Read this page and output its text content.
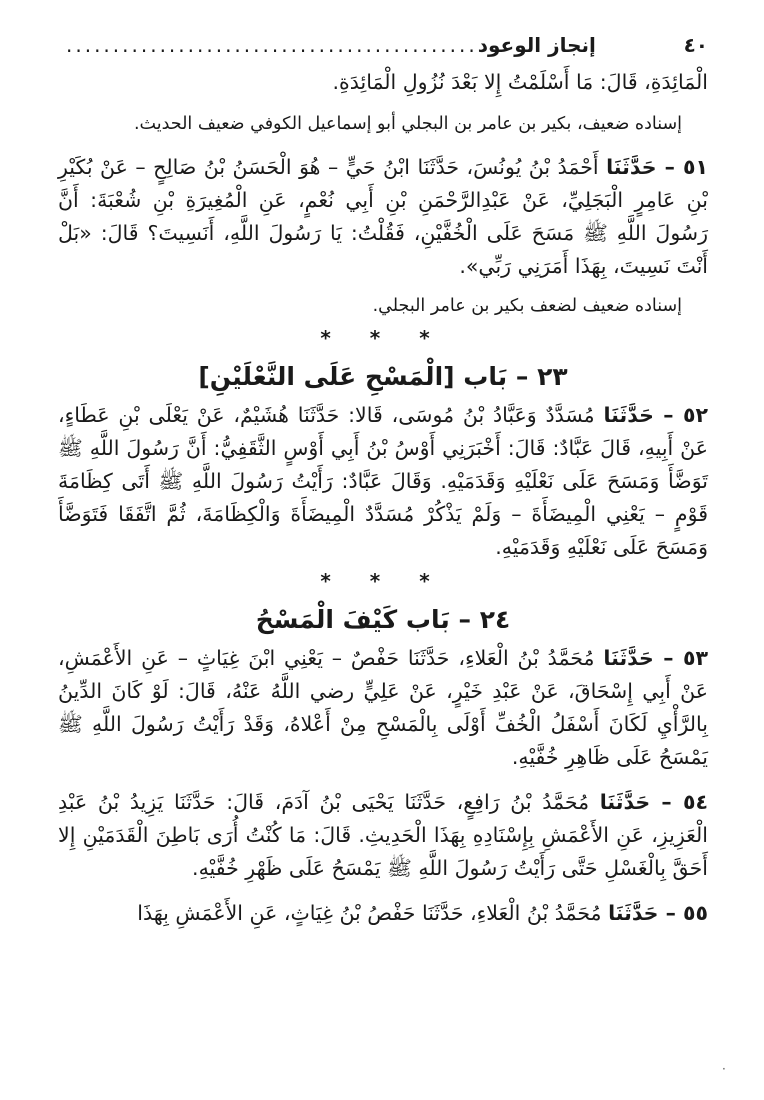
٤٠
إنجاز الوعود
............................................

الْمَائِدَةِ، قَالَ: مَا أَسْلَمْتُ إِلا بَعْدَ نُزُولِ الْمَائِدَةِ.

إسناده ضعيف، بكير بن عامر بن البجلي أبو إسماعيل الكوفي ضعيف الحديث.

٥١ – حَدَّثَنَا أَحْمَدُ بْنُ يُونُسَ، حَدَّثَنَا ابْنُ حَيٍّ – هُوَ الْحَسَنُ بْنُ صَالِحٍ – عَنْ بُكَيْرِ بْنِ عَامِرٍ الْبَجَلِيِّ، عَنْ عَبْدِالرَّحْمَنِ بْنِ أَبِي نُعْمٍ، عَنِ الْمُغِيرَةِ بْنِ شُعْبَةَ: أَنَّ رَسُولَ اللَّهِ ﷺ مَسَحَ عَلَى الْخُفَّيْنِ، فَقُلْتُ: يَا رَسُولَ اللَّهِ، أَنَسِيتَ؟ قَالَ: «بَلْ أَنْتَ نَسِيتَ، بِهَذَا أَمَرَنِي رَبِّي».

إسناده ضعيف لضعف بكير بن عامر البجلي.

* * *
٢٣ – بَاب [الْمَسْحِ عَلَى النَّعْلَيْنِ]

٥٢ – حَدَّثَنَا مُسَدَّدٌ وَعَبَّادُ بْنُ مُوسَى، قَالا: حَدَّثَنَا هُشَيْمٌ، عَنْ يَعْلَى بْنِ عَطَاءٍ، عَنْ أَبِيهِ، قَالَ عَبَّادٌ: قَالَ: أَخْبَرَنِي أَوْسُ بْنُ أَبِي أَوْسٍ الثَّقَفِيُّ: أَنَّ رَسُولَ اللَّهِ ﷺ تَوَضَّأَ وَمَسَحَ عَلَى نَعْلَيْهِ وَقَدَمَيْهِ. وَقَالَ عَبَّادٌ: رَأَيْتُ رَسُولَ اللَّهِ ﷺ أَتَى كِظَامَةَ قَوْمٍ – يَعْنِي الْمِيضَأَةَ – وَلَمْ يَذْكُرْ مُسَدَّدٌ الْمِيضَأَةَ وَالْكِظَامَةَ، ثُمَّ اتَّفَقَا فَتَوَضَّأَ وَمَسَحَ عَلَى نَعْلَيْهِ وَقَدَمَيْهِ.

* * *
٢٤ – بَاب كَيْفَ الْمَسْحُ

٥٣ – حَدَّثَنَا مُحَمَّدُ بْنُ الْعَلاءِ، حَدَّثَنَا حَفْصٌ – يَعْنِي ابْنَ غِيَاثٍ – عَنِ الأَعْمَشِ، عَنْ أَبِي إِسْحَاقَ، عَنْ عَبْدِ خَيْرٍ، عَنْ عَلِيٍّ رضي اللَّهُ عَنْهُ، قَالَ: لَوْ كَانَ الدِّينُ بِالرَّأْيِ لَكَانَ أَسْفَلُ الْخُفِّ أَوْلَى بِالْمَسْحِ مِنْ أَعْلاهُ، وَقَدْ رَأَيْتُ رَسُولَ اللَّهِ ﷺ يَمْسَحُ عَلَى ظَاهِرِ خُفَّيْهِ.

٥٤ – حَدَّثَنَا مُحَمَّدُ بْنُ رَافِعٍ، حَدَّثَنَا يَحْيَى بْنُ آدَمَ، قَالَ: حَدَّثَنَا يَزِيدُ بْنُ عَبْدِ الْعَزِيزِ، عَنِ الأَعْمَشِ بِإِسْنَادِهِ بِهَذَا الْحَدِيثِ. قَالَ: مَا كُنْتُ أُرَى بَاطِنَ الْقَدَمَيْنِ إِلا أَحَقَّ بِالْغَسْلِ حَتَّى رَأَيْتُ رَسُولَ اللَّهِ ﷺ يَمْسَحُ عَلَى ظَهْرِ خُفَّيْهِ.

٥٥ – حَدَّثَنَا مُحَمَّدُ بْنُ الْعَلاءِ، حَدَّثَنَا حَفْصُ بْنُ غِيَاثٍ، عَنِ الأَعْمَشِ بِهَذَا

·
